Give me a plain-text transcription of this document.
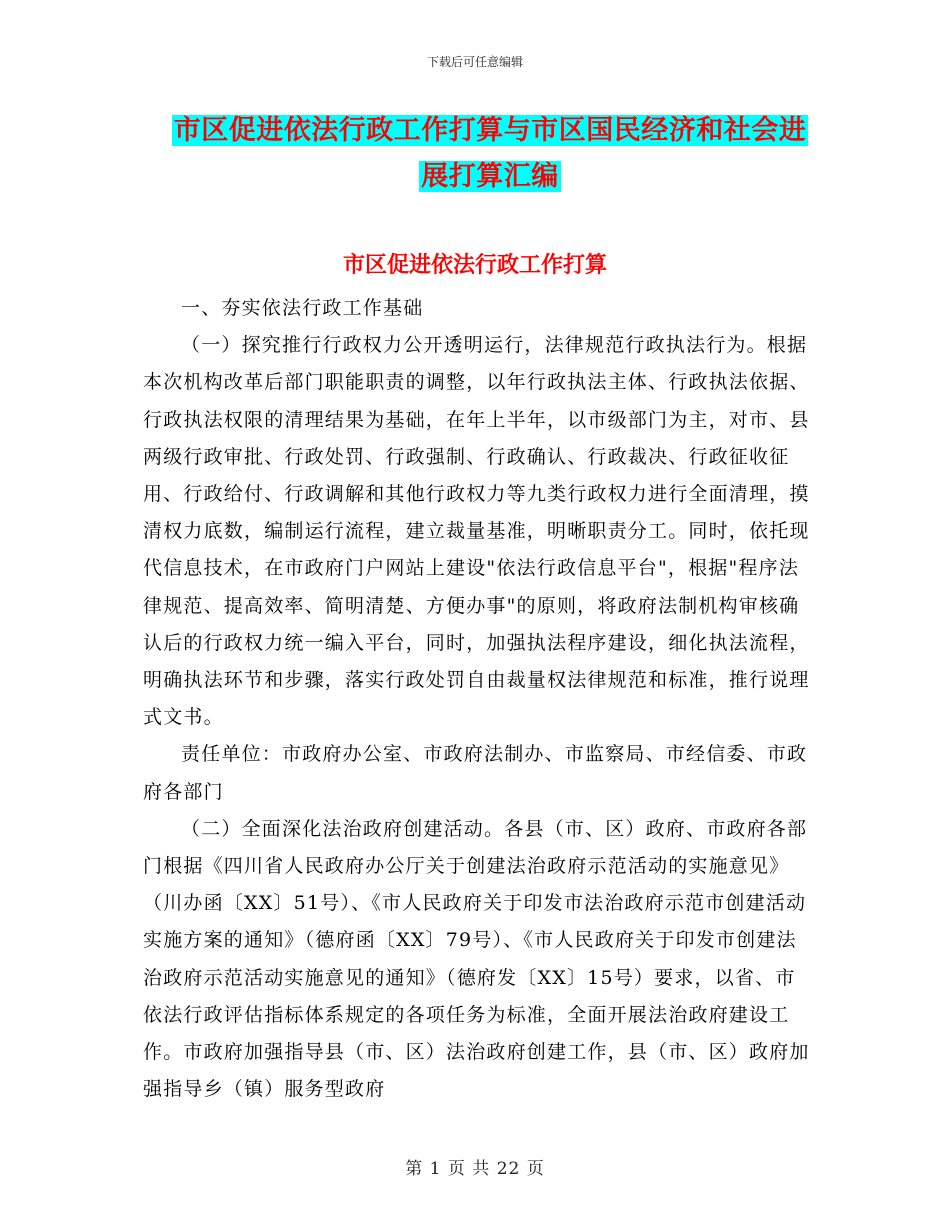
下载后可任意编辑
市区促进依法行政工作打算与市区国民经济和社会进
展打算汇编
市区促进依法行政工作打算

一、夯实依法行政工作基础

（一）探究推行行政权力公开透明运行，法律规范行政执法行为。根据本次机构改革后部门职能职责的调整，以年行政执法主体、行政执法依据、行政执法权限的清理结果为基础，在年上半年，以市级部门为主，对市、县两级行政审批、行政处罚、行政强制、行政确认、行政裁决、行政征收征用、行政给付、行政调解和其他行政权力等九类行政权力进行全面清理，摸清权力底数，编制运行流程，建立裁量基准，明晰职责分工。同时，依托现代信息技术，在市政府门户网站上建设"依法行政信息平台"，根据"程序法律规范、提高效率、简明清楚、方便办事"的原则，将政府法制机构审核确认后的行政权力统一编入平台，同时，加强执法程序建设，细化执法流程，明确执法环节和步骤，落实行政处罚自由裁量权法律规范和标准，推行说理式文书。

责任单位：市政府办公室、市政府法制办、市监察局、市经信委、市政府各部门

（二）全面深化法治政府创建活动。各县（市、区）政府、市政府各部门根据《四川省人民政府办公厅关于创建法治政府示范活动的实施意见》（川办函〔XX〕51号）、《市人民政府关于印发市法治政府示范市创建活动实施方案的通知》（德府函〔XX〕79号）、《市人民政府关于印发市创建法治政府示范活动实施意见的通知》（德府发〔XX〕15号）要求，以省、市依法行政评估指标体系规定的各项任务为标准，全面开展法治政府建设工作。市政府加强指导县（市、区）法治政府创建工作，县（市、区）政府加强指导乡（镇）服务型政府

第 1 页 共 22 页
